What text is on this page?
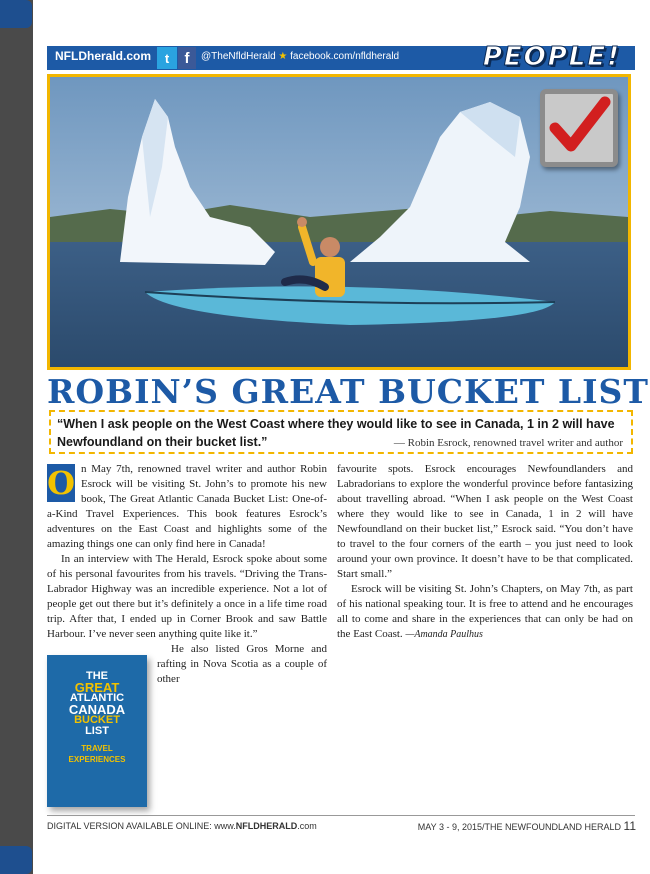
NFLDherald.com	t	f	@TheNfldHerald ★ facebook.com/nfldherald	PEOPLE!
ROBIN’S GREAT BUCKET LIST
“When I ask people on the West Coast where they would like to see in Canada, 1 in 2 will have Newfoundland on their bucket list.”	— Robin Esrock, renowned travel writer and author
O n May 7th, renowned travel writer and author Robin Esrock will be visiting St. John’s to promote his new book, The Great Atlantic Canada Bucket List: One-of-a-Kind Travel Experiences. This book features Esrock’s adventures on the East Coast and highlights some of the amazing things one can only find here in Canada!
In an interview with The Herald, Esrock spoke about some of his personal favourites from his travels. “Driving the Trans-Labrador Highway was an incredible experience. Not a lot of people get out there but it’s definitely a once in a life time road trip. After that, I ended up in Corner Brook and saw Battle Harbour. I’ve never seen anything quite like it.”
He also listed Gros Morne and rafting in Nova Scotia as a couple of other
THE
GREAT
ATLANTIC
CANADA
BUCKET
LIST
TRAVEL EXPERIENCES
favourite spots. Esrock encourages Newfoundlanders and Labradorians to explore the wonderful province before fantasizing about travelling abroad. “When I ask people on the West Coast where they would like to see in Canada, 1 in 2 will have Newfoundland on their bucket list,” Esrock said. “You don’t have to travel to the four corners of the earth – you just need to look around your own province. It doesn’t have to be that complicated. Start small.”
Esrock will be visiting St. John’s Chapters, on May 7th, as part of his national speaking tour. It is free to attend and he encourages all to come and share in the experiences that can only be had on the East Coast. —Amanda Paulhus
DIGITAL VERSION AVAILABLE ONLINE: www.NFLDHERALD.com	MAY 3 - 9, 2015/THE NEWFOUNDLAND HERALD 11
